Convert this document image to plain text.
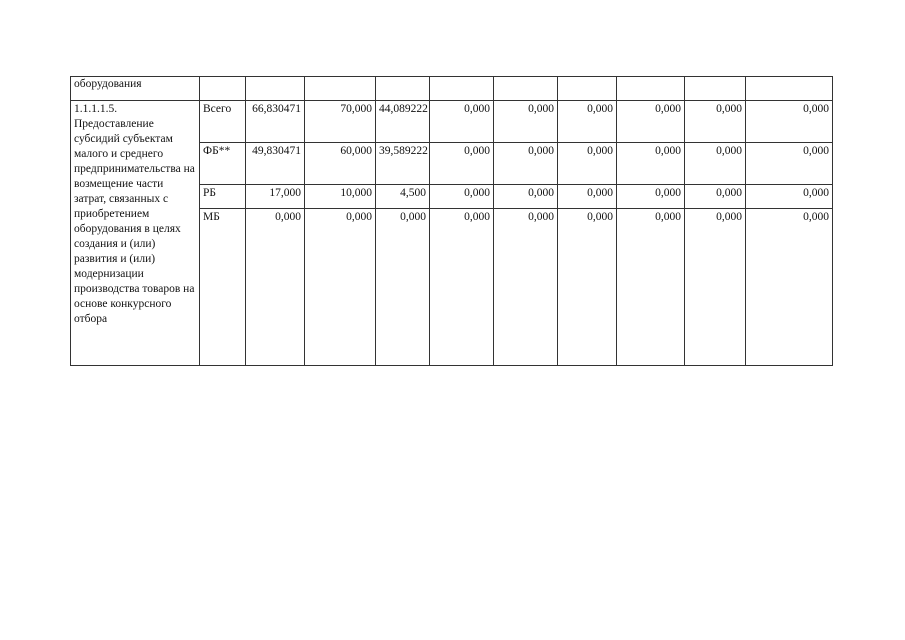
оборудования										
1.1.1.1.5. Предоставление субсидий субъектам малого и среднего предпринимательства на возмещение части затрат, связанных с приобретением оборудования в целях создания и (или) развития и (или) модернизации производства товаров на основе конкурсного отбора	Всего	66,830471	70,000	44,089222	0,000	0,000	0,000	0,000	0,000	0,000
	ФБ**	49,830471	60,000	39,589222	0,000	0,000	0,000	0,000	0,000	0,000
	РБ	17,000	10,000	4,500	0,000	0,000	0,000	0,000	0,000	0,000
	МБ	0,000	0,000	0,000	0,000	0,000	0,000	0,000	0,000	0,000
